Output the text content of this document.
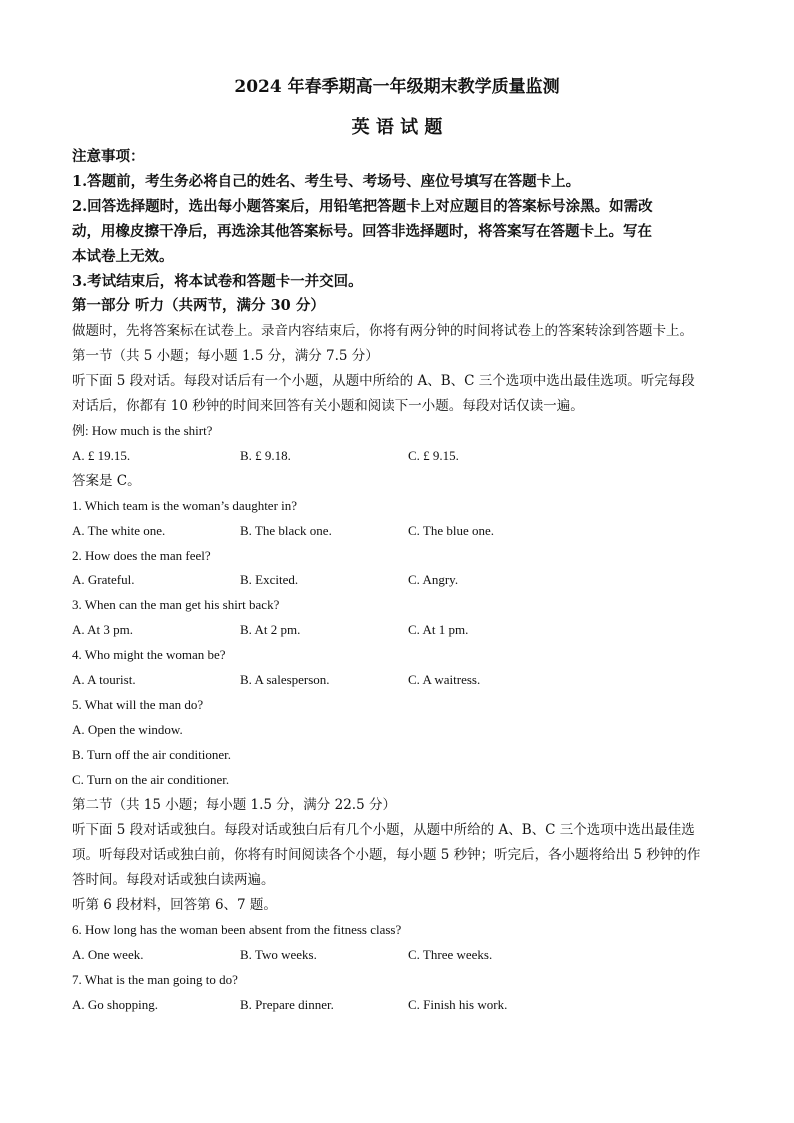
2024 年春季期高一年级期末教学质量监测
英 语 试 题
注意事项：
1.答题前，考生务必将自己的姓名、考生号、考场号、座位号填写在答题卡上。
2.回答选择题时，选出每小题答案后，用铅笔把答题卡上对应题目的答案标号涂黑。如需改
动，用橡皮擦干净后，再选涂其他答案标号。回答非选择题时，将答案写在答题卡上。写在
本试卷上无效。
3.考试结束后，将本试卷和答题卡一并交回。
第一部分 听力（共两节，满分 30 分）
做题时，先将答案标在试卷上。录音内容结束后，你将有两分钟的时间将试卷上的答案转涂到答题卡上。
第一节（共 5 小题；每小题 1.5 分，满分 7.5 分）
听下面 5 段对话。每段对话后有一个小题，从题中所给的 A、B、C 三个选项中选出最佳选项。听完每段
对话后，你都有 10 秒钟的时间来回答有关小题和阅读下一小题。每段对话仅读一遍。
例: How much is the shirt?
A. £ 19.15.	B. £ 9.18.	C. £ 9.15.
答案是 C。
1. Which team is the woman’s daughter in?
A. The white one.	B. The black one.	C. The blue one.
2. How does the man feel?
A. Grateful.	B. Excited.	C. Angry.
3. When can the man get his shirt back?
A. At 3 pm.	B. At 2 pm.	C. At 1 pm.
4. Who might the woman be?
A. A tourist.	B. A salesperson.	C. A waitress.
5. What will the man do?
A. Open the window.
B. Turn off the air conditioner.
C. Turn on the air conditioner.
第二节（共 15 小题；每小题 1.5 分，满分 22.5 分）
听下面 5 段对话或独白。每段对话或独白后有几个小题，从题中所给的 A、B、C 三个选项中选出最佳选
项。听每段对话或独白前，你将有时间阅读各个小题，每小题 5 秒钟；听完后，各小题将给出 5 秒钟的作
答时间。每段对话或独白读两遍。
听第 6 段材料，回答第 6、7 题。
6. How long has the woman been absent from the fitness class?
A. One week.	B. Two weeks.	C. Three weeks.
7. What is the man going to do?
A. Go shopping.	B. Prepare dinner.	C. Finish his work.
